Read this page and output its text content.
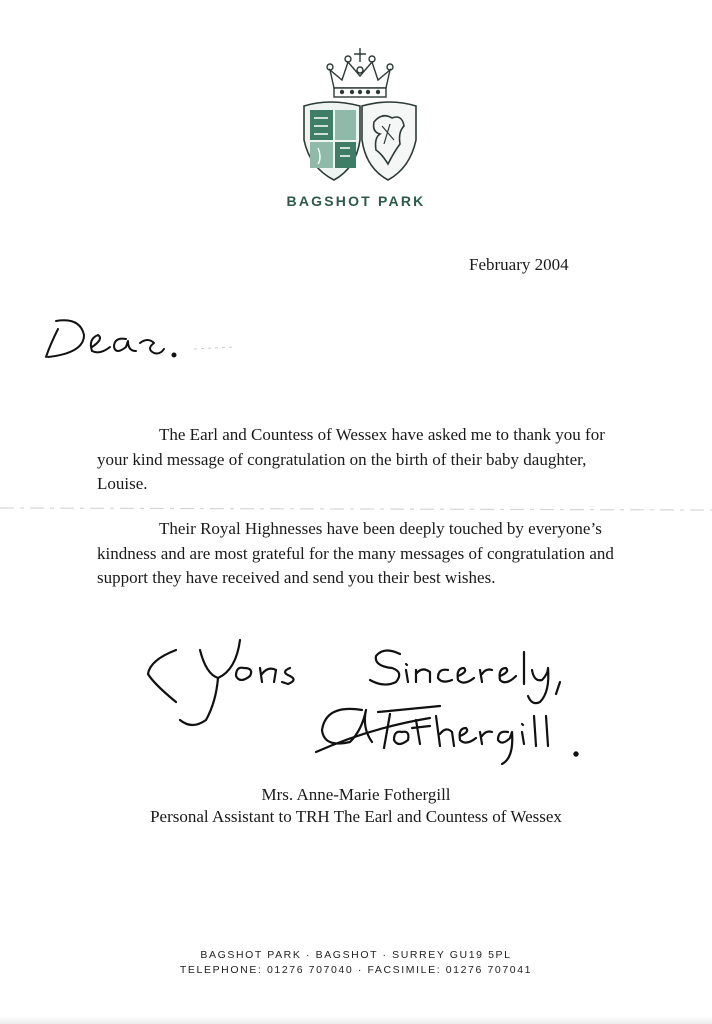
BAGSHOT PARK
February 2004
The Earl and Countess of Wessex have asked me to thank you for your kind message of congratulation on the birth of their baby daughter, Louise.
Their Royal Highnesses have been deeply touched by everyone’s kindness and are most grateful for the many messages of congratulation and support they have received and send you their best wishes.
Mrs. Anne-Marie Fothergill
Personal Assistant to TRH The Earl and Countess of Wessex
BAGSHOT PARK · BAGSHOT · SURREY GU19 5PL
TELEPHONE: 01276 707040 · FACSIMILE: 01276 707041
